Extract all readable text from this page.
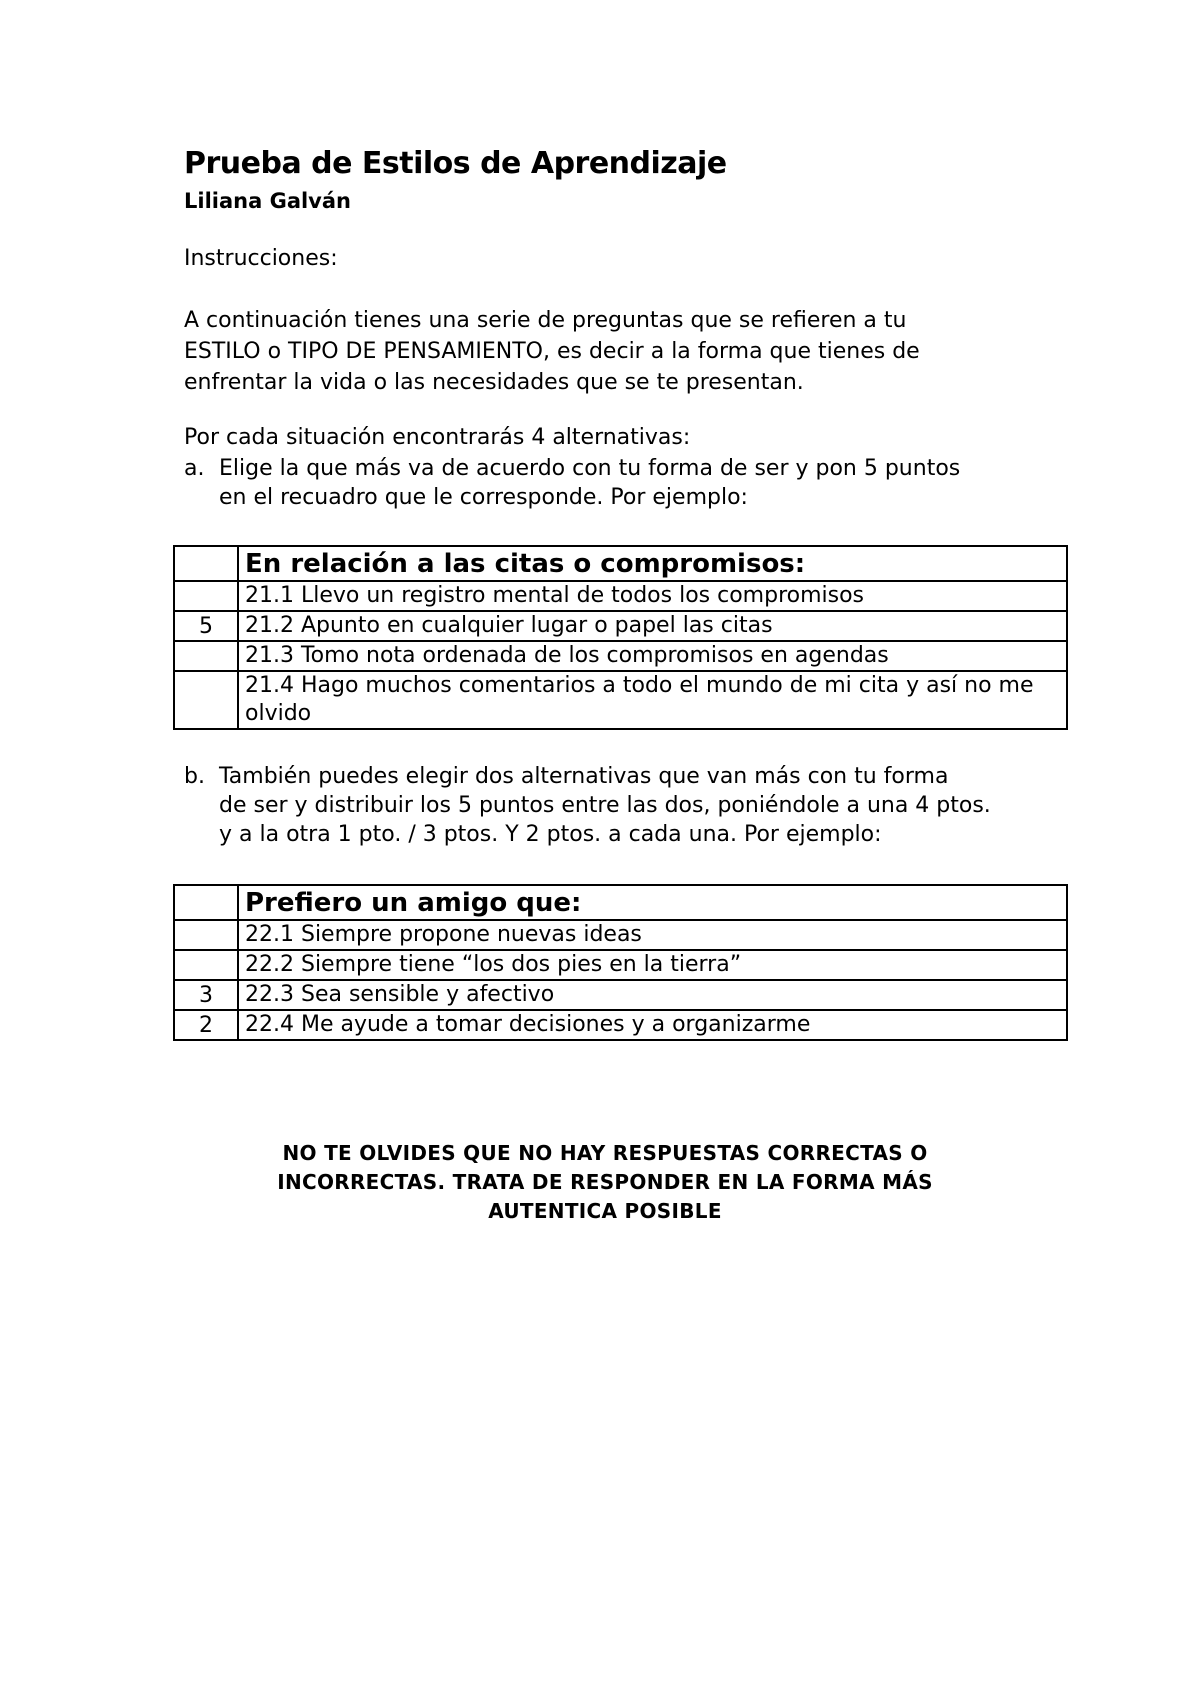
Prueba de Estilos de Aprendizaje
Liliana Galván
Instrucciones:

A continuación tienes una serie de preguntas que se refieren a tu
ESTILO o TIPO DE PENSAMIENTO, es decir a la forma que tienes de
enfrentar la vida o las necesidades que se te presentan.

Por cada situación encontrarás 4 alternativas:
a. Elige la que más va de acuerdo con tu forma de ser y pon 5 puntos
en el recuadro que le corresponde. Por ejemplo:
	En relación a las citas o compromisos:
	21.1 Llevo un registro mental de todos los compromisos
5	21.2 Apunto en cualquier lugar o papel las citas
	21.3 Tomo nota ordenada de los compromisos en agendas
	21.4 Hago muchos comentarios a todo el mundo de mi cita y así no me olvido
b. También puedes elegir dos alternativas que van más con tu forma
de ser y distribuir los 5 puntos entre las dos, poniéndole a una 4 ptos.
y a la otra 1 pto. / 3 ptos. Y 2 ptos. a cada una. Por ejemplo:
	Prefiero un amigo que:
	22.1 Siempre propone nuevas ideas
	22.2 Siempre tiene “los dos pies en la tierra”
3	22.3 Sea sensible y afectivo
2	22.4 Me ayude a tomar decisiones y a organizarme
NO TE OLVIDES QUE NO HAY RESPUESTAS CORRECTAS O
INCORRECTAS. TRATA DE RESPONDER EN LA FORMA MÁS
AUTENTICA POSIBLE
